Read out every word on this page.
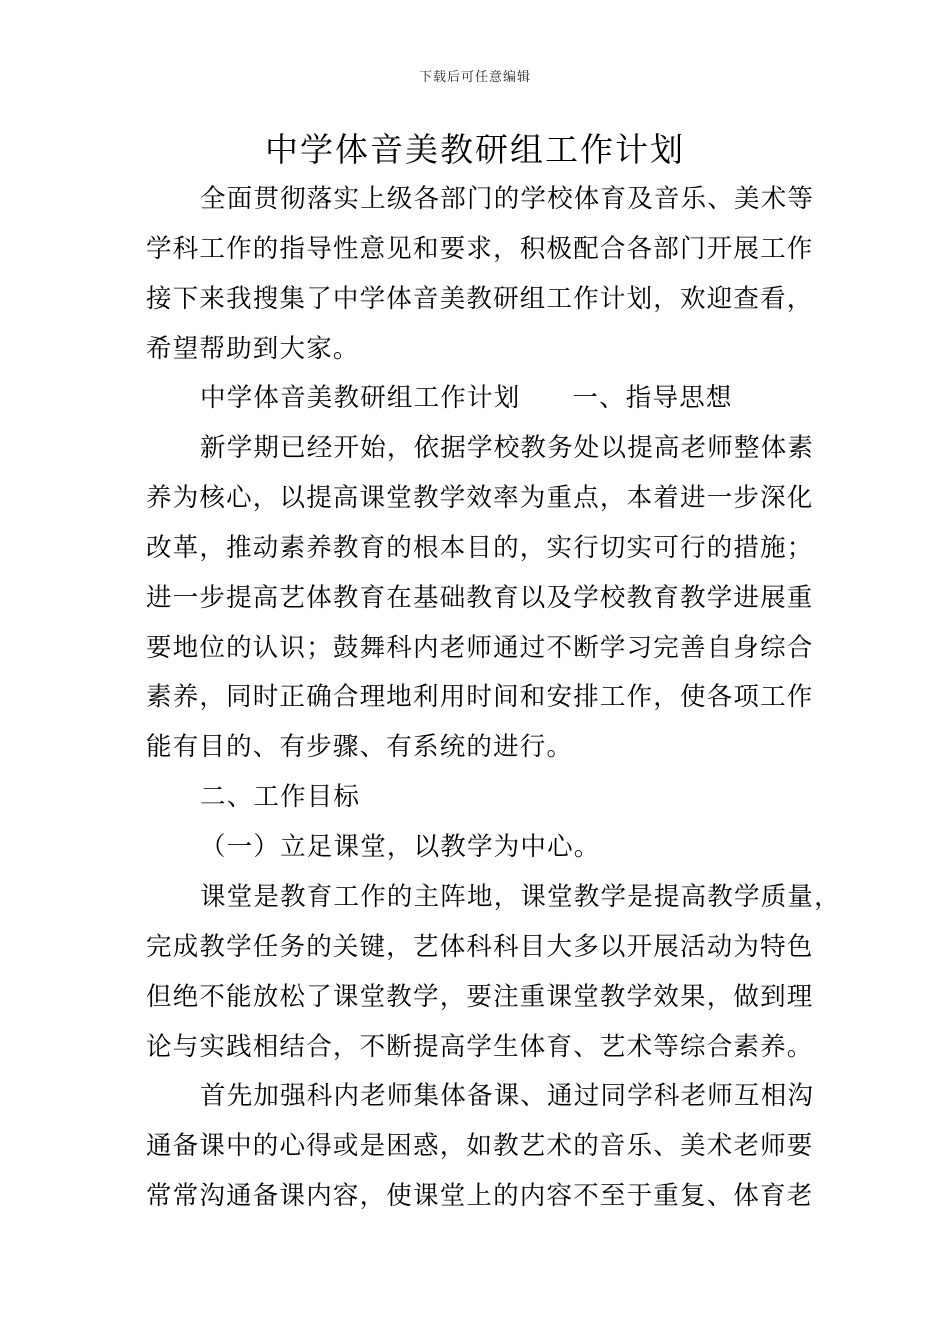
下载后可任意编辑
中学体音美教研组工作计划
全面贯彻落实上级各部门的学校体育及音乐、美术等
学科工作的指导性意见和要求，积极配合各部门开展工作
接下来我搜集了中学体音美教研组工作计划，欢迎查看，
希望帮助到大家。
中学体音美教研组工作计划 一、指导思想
新学期已经开始，依据学校教务处以提高老师整体素
养为核心，以提高课堂教学效率为重点，本着进一步深化
改革，推动素养教育的根本目的，实行切实可行的措施；
进一步提高艺体教育在基础教育以及学校教育教学进展重
要地位的认识；鼓舞科内老师通过不断学习完善自身综合
素养，同时正确合理地利用时间和安排工作，使各项工作
能有目的、有步骤、有系统的进行。
二、工作目标
（一）立足课堂，以教学为中心。
课堂是教育工作的主阵地，课堂教学是提高教学质量，
完成教学任务的关键，艺体科科目大多以开展活动为特色
但绝不能放松了课堂教学，要注重课堂教学效果，做到理
论与实践相结合，不断提高学生体育、艺术等综合素养。
首先加强科内老师集体备课、通过同学科老师互相沟
通备课中的心得或是困惑，如教艺术的音乐、美术老师要
常常沟通备课内容，使课堂上的内容不至于重复、体育老
